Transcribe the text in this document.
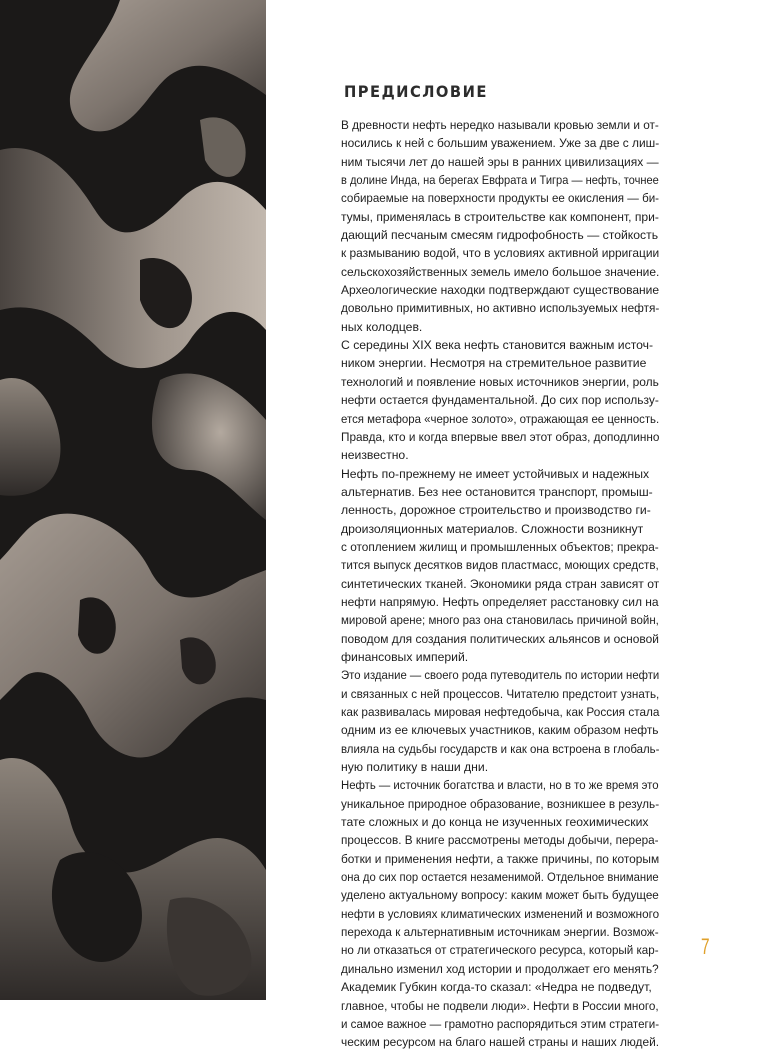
ПРЕДИСЛОВИЕ

В древности нефть нередко называли кровью земли и от-
носились к ней с большим уважением. Уже за две с лиш-
ним тысячи лет до нашей эры в ранних цивилизациях —
в долине Инда, на берегах Евфрата и Тигра — нефть, точнее
собираемые на поверхности продукты ее окисления — би-
тумы, применялась в строительстве как компонент, при-
дающий песчаным смесям гидрофобность — стойкость
к размыванию водой, что в условиях активной ирригации
сельскохозяйственных земель имело большое значение.
Археологические находки подтверждают существование
довольно примитивных, но активно используемых нефтя-
ных колодцев.

С середины XIX века нефть становится важным источ-
ником энергии. Несмотря на стремительное развитие
технологий и появление новых источников энергии, роль
нефти остается фундаментальной. До сих пор использу-
ется метафора «черное золото», отражающая ее ценность.
Правда, кто и когда впервые ввел этот образ, доподлинно
неизвестно.

Нефть по-прежнему не имеет устойчивых и надежных
альтернатив. Без нее остановится транспорт, промыш-
ленность, дорожное строительство и производство ги-
дроизоляционных материалов. Сложности возникнут
с отоплением жилищ и промышленных объектов; прекра-
тится выпуск десятков видов пластмасс, моющих средств,
синтетических тканей. Экономики ряда стран зависят от
нефти напрямую. Нефть определяет расстановку сил на
мировой арене; много раз она становилась причиной войн,
поводом для создания политических альянсов и основой
финансовых империй.

Это издание — своего рода путеводитель по истории нефти
и связанных с ней процессов. Читателю предстоит узнать,
как развивалась мировая нефтедобыча, как Россия стала
одним из ее ключевых участников, каким образом нефть
влияла на судьбы государств и как она встроена в глобаль-
ную политику в наши дни.

Нефть — источник богатства и власти, но в то же время это
уникальное природное образование, возникшее в резуль-
тате сложных и до конца не изученных геохимических
процессов. В книге рассмотрены методы добычи, перера-
ботки и применения нефти, а также причины, по которым
она до сих пор остается незаменимой. Отдельное внимание
уделено актуальному вопросу: каким может быть будущее
нефти в условиях климатических изменений и возможного
перехода к альтернативным источникам энергии. Возмож-
но ли отказаться от стратегического ресурса, который кар-
динально изменил ход истории и продолжает его менять?

Академик Губкин когда-то сказал: «Недра не подведут,
главное, чтобы не подвели люди». Нефти в России много,
и самое важное — грамотно распорядиться этим стратеги-
ческим ресурсом на благо нашей страны и наших людей.

7
